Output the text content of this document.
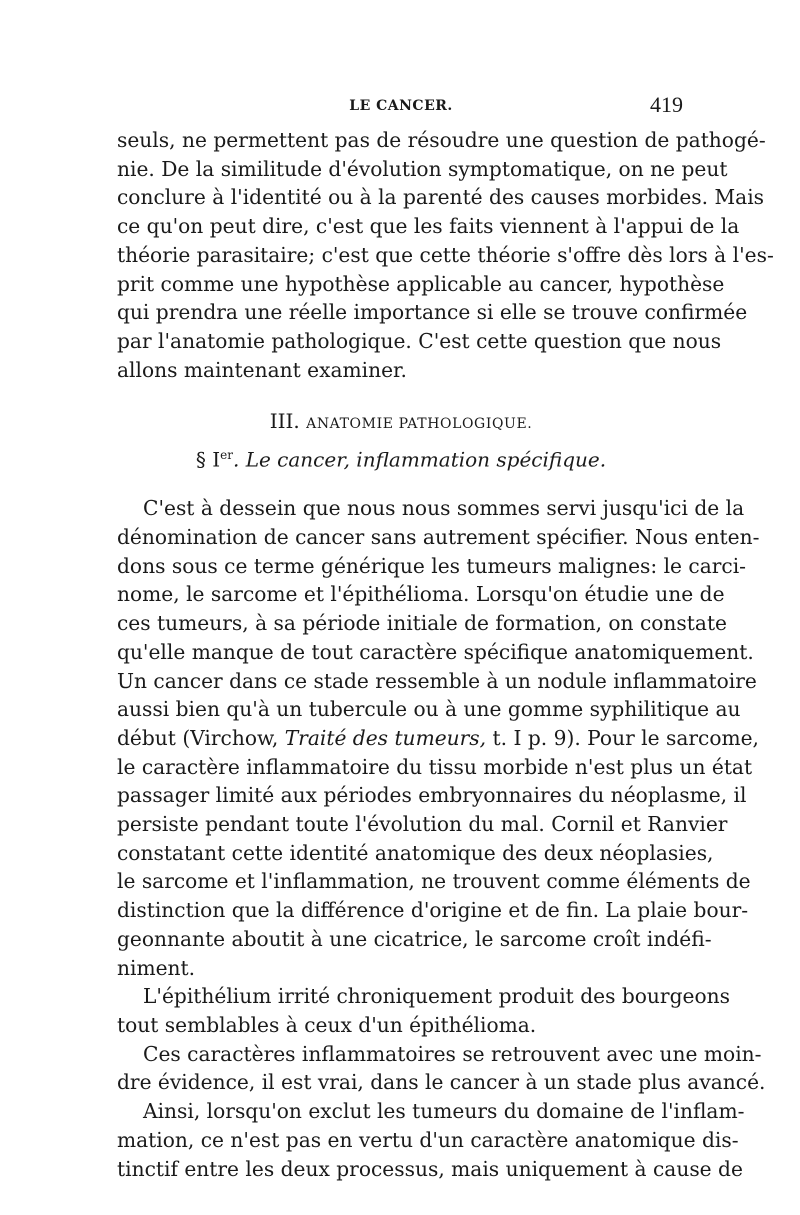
LE CANCER.	419

seuls, ne permettent pas de résoudre une question de pathogé-
nie. De la similitude d'évolution symptomatique, on ne peut
conclure à l'identité ou à la parenté des causes morbides. Mais
ce qu'on peut dire, c'est que les faits viennent à l'appui de la
théorie parasitaire; c'est que cette théorie s'offre dès lors à l'es-
prit comme une hypothèse applicable au cancer, hypothèse
qui prendra une réelle importance si elle se trouve confirmée
par l'anatomie pathologique. C'est cette question que nous
allons maintenant examiner.

III. ANATOMIE PATHOLOGIQUE.
§ Ier. Le cancer, inflammation spécifique.

C'est à dessein que nous nous sommes servi jusqu'ici de la
dénomination de cancer sans autrement spécifier. Nous enten-
dons sous ce terme générique les tumeurs malignes: le carci-
nome, le sarcome et l'épithélioma. Lorsqu'on étudie une de
ces tumeurs, à sa période initiale de formation, on constate
qu'elle manque de tout caractère spécifique anatomiquement.
Un cancer dans ce stade ressemble à un nodule inflammatoire
aussi bien qu'à un tubercule ou à une gomme syphilitique au
début (Virchow, Traité des tumeurs, t. I p. 9). Pour le sarcome,
le caractère inflammatoire du tissu morbide n'est plus un état
passager limité aux périodes embryonnaires du néoplasme, il
persiste pendant toute l'évolution du mal. Cornil et Ranvier
constatant cette identité anatomique des deux néoplasies,
le sarcome et l'inflammation, ne trouvent comme éléments de
distinction que la différence d'origine et de fin. La plaie bour-
geonnante aboutit à une cicatrice, le sarcome croît indéfi-
niment.

L'épithélium irrité chroniquement produit des bourgeons
tout semblables à ceux d'un épithélioma.

Ces caractères inflammatoires se retrouvent avec une moin-
dre évidence, il est vrai, dans le cancer à un stade plus avancé.

Ainsi, lorsqu'on exclut les tumeurs du domaine de l'inflam-
mation, ce n'est pas en vertu d'un caractère anatomique dis-
tinctif entre les deux processus, mais uniquement à cause de
